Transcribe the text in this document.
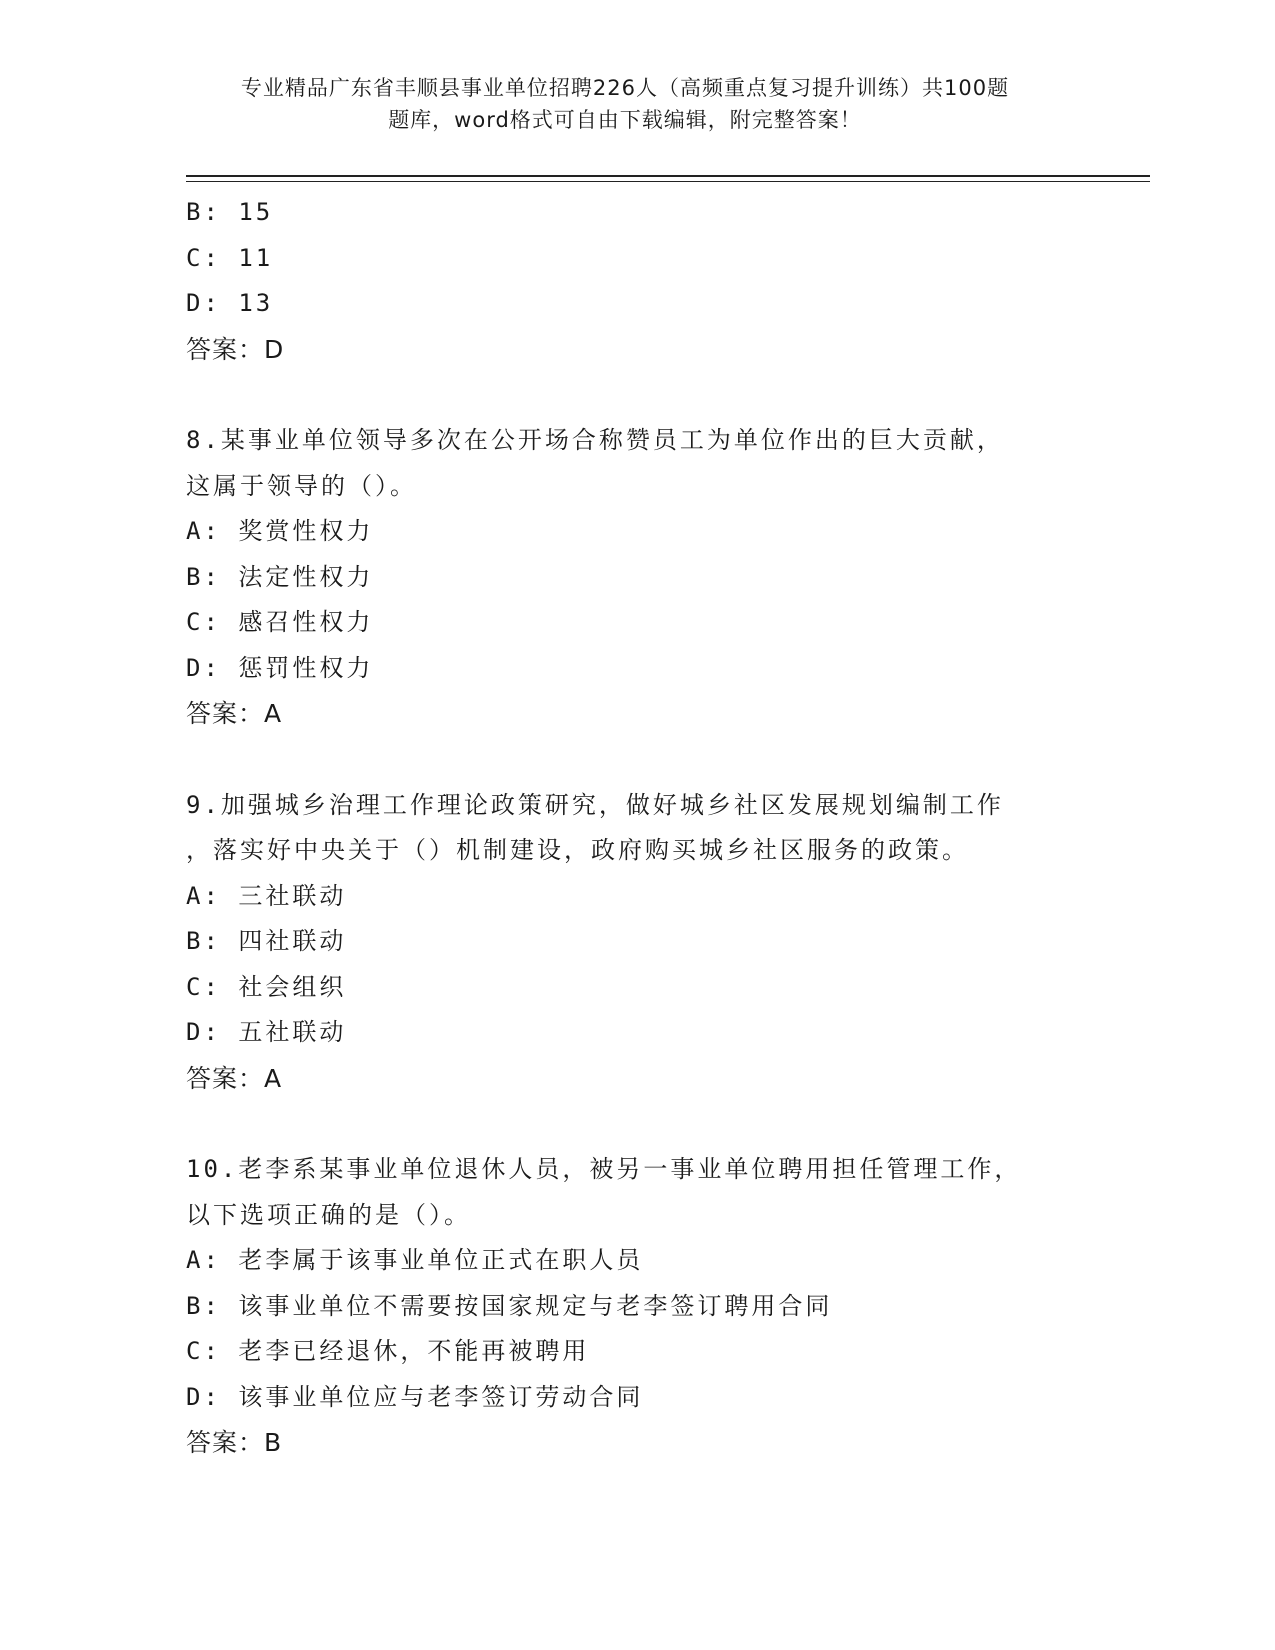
专业精品广东省丰顺县事业单位招聘226人（高频重点复习提升训练）共100题
题库，word格式可自由下载编辑，附完整答案！
B: 15
C: 11
D: 13
答案：D
8.某事业单位领导多次在公开场合称赞员工为单位作出的巨大贡献，
这属于领导的（）。
A: 奖赏性权力
B: 法定性权力
C: 感召性权力
D: 惩罚性权力
答案：A
9.加强城乡治理工作理论政策研究，做好城乡社区发展规划编制工作
，落实好中央关于（）机制建设，政府购买城乡社区服务的政策。
A: 三社联动
B: 四社联动
C: 社会组织
D: 五社联动
答案：A
10.老李系某事业单位退休人员，被另一事业单位聘用担任管理工作，
以下选项正确的是（）。
A: 老李属于该事业单位正式在职人员
B: 该事业单位不需要按国家规定与老李签订聘用合同
C: 老李已经退休，不能再被聘用
D: 该事业单位应与老李签订劳动合同
答案：B
